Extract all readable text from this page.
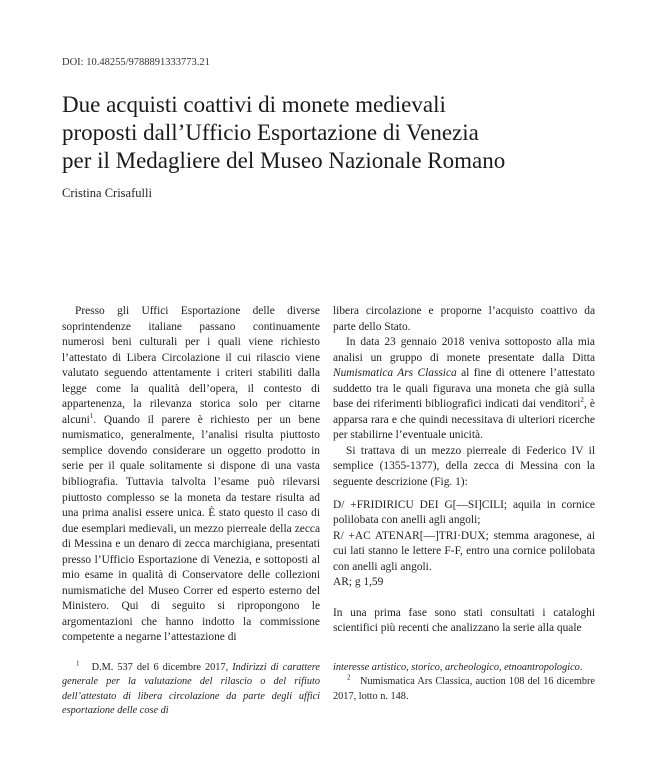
DOI: 10.48255/9788891333773.21
Due acquisti coattivi di monete medievali
proposti dall’Ufficio Esportazione di Venezia
per il Medagliere del Museo Nazionale Romano
Cristina Crisafulli

Presso gli Uffici Esportazione delle diverse soprintendenze italiane passano continuamente numerosi beni culturali per i quali viene richiesto l’attestato di Libera Circolazione il cui rilascio viene valutato seguendo attentamente i criteri stabiliti dalla legge come la qualità dell’opera, il contesto di appartenenza, la rilevanza storica solo per citarne alcuni$^1$. Quando il parere è richiesto per un bene numismatico, generalmente, l’analisi risulta piuttosto semplice dovendo considerare un oggetto prodotto in serie per il quale solitamente si dispone di una vasta bibliografia. Tuttavia talvolta l’esame può rilevarsi piuttosto complesso se la moneta da testare risulta ad una prima analisi essere unica. È stato questo il caso di due esemplari medievali, un mezzo pierreale della zecca di Messina e un denaro di zecca marchigiana, presentati presso l’Ufficio Esportazione di Venezia, e sottoposti al mio esame in qualità di Conservatore delle collezioni numismatiche del Museo Correr ed esperto esterno del Ministero. Qui di seguito si ripropongono le argomentazioni che hanno indotto la commissione competente a negarne l’attestazione di

libera circolazione e proporne l’acquisto coattivo da parte dello Stato.

In data 23 gennaio 2018 veniva sottoposto alla mia analisi un gruppo di monete presentate dalla Ditta Numismatica Ars Classica al fine di ottenere l’attestato suddetto tra le quali figurava una moneta che già sulla base dei riferimenti bibliografici indicati dai venditori$^2$, è apparsa rara e che quindi necessitava di ulteriori ricerche per stabilirne l’eventuale unicità.

Si trattava di un mezzo pierreale di Federico IV il semplice (1355-1377), della zecca di Messina con la seguente descrizione (Fig. 1):

D/ +FRIDIRICU DEI G[—SI]CILI; aquila in cornice polilobata con anelli agli angoli;

R/ +AC ATENAR[—]TRI·DUX; stemma aragonese, ai cui lati stanno le lettere F-F, entro una cornice polilobata con anelli agli angoli.

AR; g 1,59

In una prima fase sono stati consultati i cataloghi scientifici più recenti che analizzano la serie alla quale

$^1$ D.M. 537 del 6 dicembre 2017, Indirizzi di carattere generale per la valutazione del rilascio o del rifiuto dell’attestato di libera circolazione da parte degli uffici esportazione delle cose di

interesse artistico, storico, archeologico, etnoantropologico.

$^2$ Numismatica Ars Classica, auction 108 del 16 dicembre 2017, lotto n. 148.
